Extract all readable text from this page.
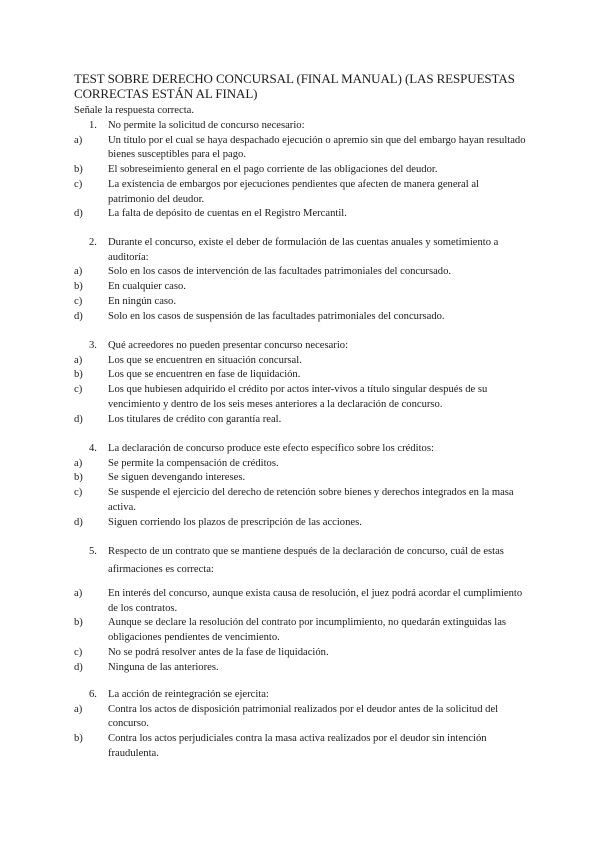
TEST SOBRE DERECHO CONCURSAL (FINAL MANUAL) (LAS RESPUESTAS CORRECTAS ESTÁN AL FINAL)
Señale la respuesta correcta.
1. No permite la solicitud de concurso necesario:
a) Un título por el cual se haya despachado ejecución o apremio sin que del embargo hayan resultado bienes susceptibles para el pago.
b) El sobreseimiento general en el pago corriente de las obligaciones del deudor.
c) La existencia de embargos por ejecuciones pendientes que afecten de manera general al patrimonio del deudor.
d) La falta de depósito de cuentas en el Registro Mercantil.
2. Durante el concurso, existe el deber de formulación de las cuentas anuales y sometimiento a auditoría:
a) Solo en los casos de intervención de las facultades patrimoniales del concursado.
b) En cualquier caso.
c) En ningún caso.
d) Solo en los casos de suspensión de las facultades patrimoniales del concursado.
3. Qué acreedores no pueden presentar concurso necesario:
a) Los que se encuentren en situación concursal.
b) Los que se encuentren en fase de liquidación.
c) Los que hubiesen adquirido el crédito por actos inter-vivos a título singular después de su vencimiento y dentro de los seis meses anteriores a la declaración de concurso.
d) Los titulares de crédito con garantía real.
4. La declaración de concurso produce este efecto específico sobre los créditos:
a) Se permite la compensación de créditos.
b) Se siguen devengando intereses.
c) Se suspende el ejercicio del derecho de retención sobre bienes y derechos integrados en la masa activa.
d) Siguen corriendo los plazos de prescripción de las acciones.
5. Respecto de un contrato que se mantiene después de la declaración de concurso, cuál de estas afirmaciones es correcta:
a) En interés del concurso, aunque exista causa de resolución, el juez podrá acordar el cumplimiento de los contratos.
b) Aunque se declare la resolución del contrato por incumplimiento, no quedarán extinguidas las obligaciones pendientes de vencimiento.
c) No se podrá resolver antes de la fase de liquidación.
d) Ninguna de las anteriores.
6. La acción de reintegración se ejercita:
a) Contra los actos de disposición patrimonial realizados por el deudor antes de la solicitud del concurso.
b) Contra los actos perjudiciales contra la masa activa realizados por el deudor sin intención fraudulenta.
